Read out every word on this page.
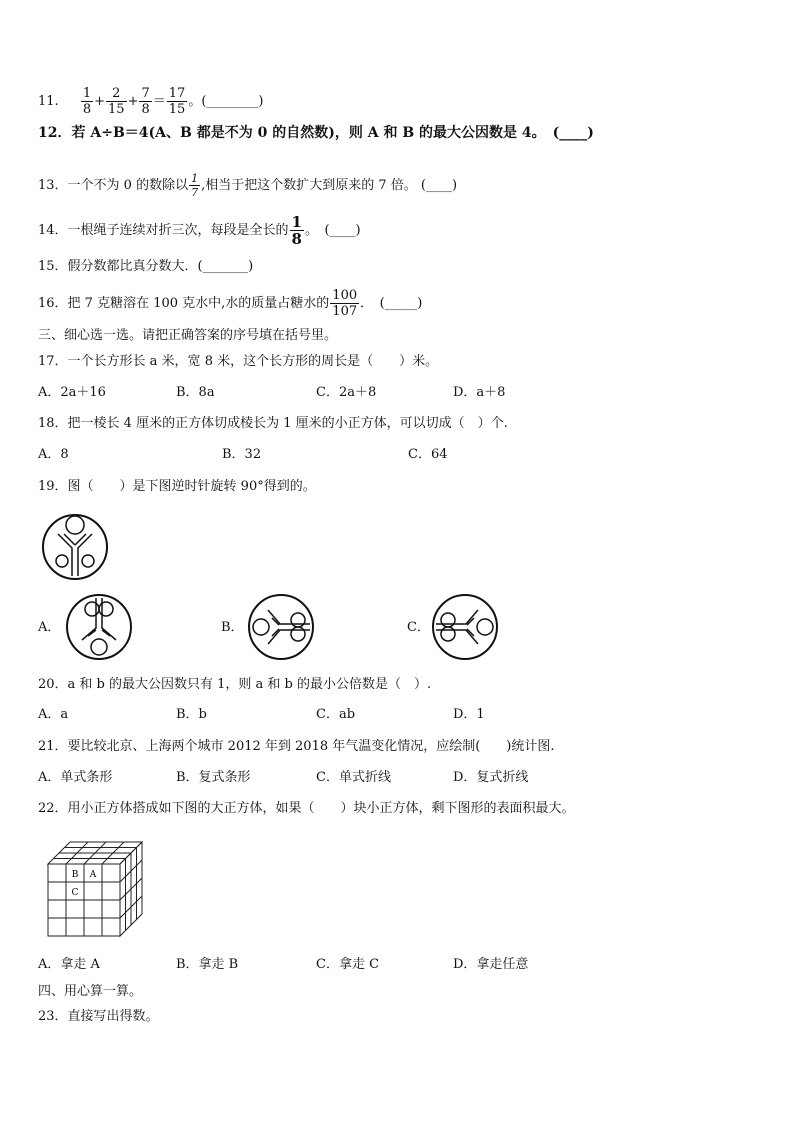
11. $\frac{1}{8} + \frac{2}{15} + \frac{7}{8} = \frac{17}{15}$ 。(________)
12．若 A÷B＝4(A、B 都是不为 0 的自然数)，则 A 和 B 的最大公因数是 4。　(____)
13．一个不为 0 的数除以 $\frac{1}{7}$ ,相当于把这个数扩大到原来的 7 倍。 (____)
14．一根绳子连续对折三次，每段是全长的 $\frac{1}{8}$ 。　(____)
15．假分数都比真分数大．(_______)
16．把 7 克糖溶在 100 克水中,水的质量占糖水的 $\frac{100}{107}$ ．　(_____)
三、细心选一选。请把正确答案的序号填在括号里。
17．一个长方形长 a 米，宽 8 米，这个长方形的周长是（　　）米。
A．2a＋16	B．8a	C．2a＋8	D．a＋8
18．把一棱长 4 厘米的正方体切成棱长为 1 厘米的小正方体，可以切成（　）个.
A．8	B．32	C．64
19．图（　　）是下图逆时针旋转 90°得到的。
A．	B．	C．
20．a 和 b 的最大公因数只有 1，则 a 和 b 的最小公倍数是（　）.
A．a	B．b	C．ab	D．1
21．要比较北京、上海两个城市 2012 年到 2018 年气温变化情况，应绘制(　　)统计图.
A．单式条形	B．复式条形	C．单式折线	D．复式折线
22．用小正方体搭成如下图的大正方体，如果（　　）块小正方体，剩下图形的表面积最大。
B A
C
A．拿走 A	B．拿走 B	C．拿走 C	D．拿走任意
四、用心算一算。
23．直接写出得数。
